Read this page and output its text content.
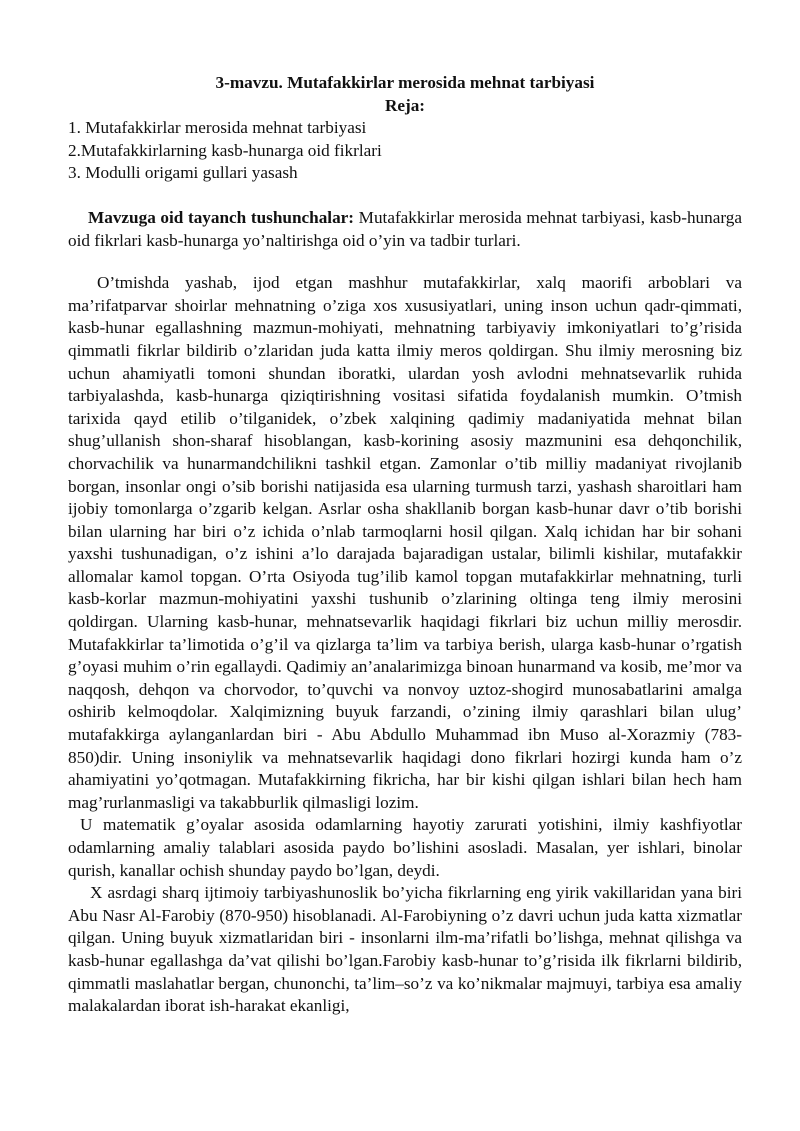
3-mavzu. Mutafakkirlar merosida mehnat tarbiyasi

Reja:

1. Mutafakkirlar merosida mehnat tarbiyasi
2.Mutafakkirlarning kasb-hunarga oid fikrlari
3. Modulli origami gullari yasash

Mavzuga oid tayanch tushunchalar: Mutafakkirlar merosida mehnat tarbiyasi, kasb-hunarga oid fikrlari kasb-hunarga yo’naltirishga oid o’yin va tadbir turlari.

O’tmishda yashab, ijod etgan mashhur mutafakkirlar, xalq maorifi arboblari va ma’rifatparvar shoirlar mehnatning o’ziga xos xususiyatlari, uning inson uchun qadr-qimmati, kasb-hunar egallashning mazmun-mohiyati, mehnatning tarbiyaviy imkoniyatlari to’g’risida qimmatli fikrlar bildirib o’zlaridan juda katta ilmiy meros qoldirgan. Shu ilmiy merosning biz uchun ahamiyatli tomoni shundan iboratki, ulardan yosh avlodni mehnatsevarlik ruhida tarbiyalashda, kasb-hunarga qiziqtirishning vositasi sifatida foydalanish mumkin. O’tmish tarixida qayd etilib o’tilganidek, o’zbek xalqining qadimiy madaniyatida mehnat bilan shug’ullanish shon-sharaf hisoblangan, kasb-korining asosiy mazmunini esa dehqonchilik, chorvachilik va hunarmandchilikni tashkil etgan. Zamonlar o’tib milliy madaniyat rivojlanib borgan, insonlar ongi o’sib borishi natijasida esa ularning turmush tarzi, yashash sharoitlari ham ijobiy tomonlarga o’zgarib kelgan. Asrlar osha shakllanib borgan kasb-hunar davr o’tib borishi bilan ularning har biri o’z ichida o’nlab tarmoqlarni hosil qilgan. Xalq ichidan har bir sohani yaxshi tushunadigan, o’z ishini a’lo darajada bajaradigan ustalar, bilimli kishilar, mutafakkir allomalar kamol topgan. O’rta Osiyoda tug’ilib kamol topgan mutafakkirlar mehnatning, turli kasb-korlar mazmun-mohiyatini yaxshi tushunib o’zlarining oltinga teng ilmiy merosini qoldirgan. Ularning kasb-hunar, mehnatsevarlik haqidagi fikrlari biz uchun milliy merosdir. Mutafakkirlar ta’limotida o’g’il va qizlarga ta’lim va tarbiya berish, ularga kasb-hunar o’rgatish g’oyasi muhim o’rin egallaydi. Qadimiy an’analarimizga binoan hunarmand va kosib, me’mor va naqqosh, dehqon va chorvodor, to’quvchi va nonvoy uztoz-shogird munosabatlarini amalga oshirib kelmoqdolar. Xalqimizning buyuk farzandi, o’zining ilmiy qarashlari bilan ulug’ mutafakkirga aylanganlardan biri - Abu Abdullo Muhammad ibn Muso al-Xorazmiy (783-850)dir. Uning insoniylik va mehnatsevarlik haqidagi dono fikrlari hozirgi kunda ham o’z ahamiyatini yo’qotmagan. Mutafakkirning fikricha, har bir kishi qilgan ishlari bilan hech ham mag’rurlanmasligi va takabburlik qilmasligi lozim.

U matematik g’oyalar asosida odamlarning hayotiy zarurati yotishini, ilmiy kashfiyotlar odamlarning amaliy talablari asosida paydo bo’lishini asosladi. Masalan, yer ishlari, binolar qurish, kanallar ochish shunday paydo bo’lgan, deydi.

X asrdagi sharq ijtimoiy tarbiyashunoslik bo’yicha fikrlarning eng yirik vakillaridan yana biri Abu Nasr Al-Farobiy (870-950) hisoblanadi. Al-Farobiyning o’z davri uchun juda katta xizmatlar qilgan. Uning buyuk xizmatlaridan biri - insonlarni ilm-ma’rifatli bo’lishga, mehnat qilishga va kasb-hunar egallashga da’vat qilishi bo’lgan.Farobiy kasb-hunar to’g’risida ilk fikrlarni bildirib, qimmatli maslahatlar bergan, chunonchi, ta’lim–so’z va ko’nikmalar majmuyi, tarbiya esa amaliy malakalardan iborat ish-harakat ekanligi,
